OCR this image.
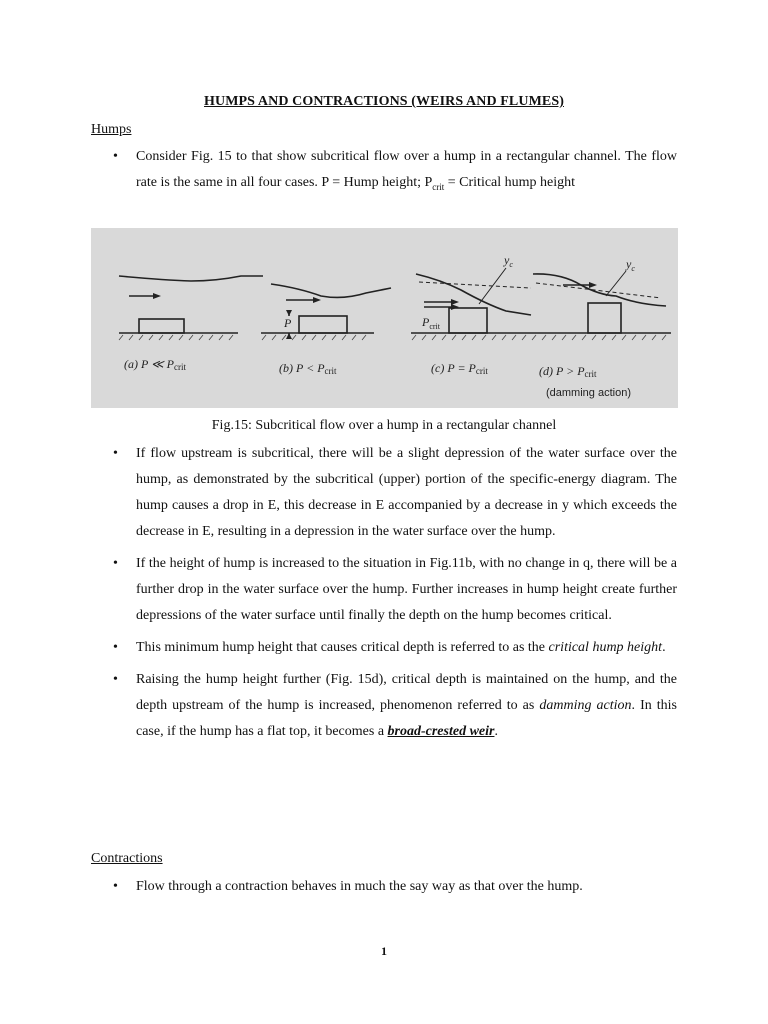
HUMPS AND CONTRACTIONS (WEIRS AND FLUMES)
Humps
• Consider Fig. 15 to that show subcritical flow over a hump in a rectangular channel. The flow rate is the same in all four cases. P = Hump height; $P_{crit}$ = Critical hump height
$y_c$	$y_c$
P	$P_{crit}$
(a) P ≪ Pcrit	(b) P < Pcrit	(c) P = Pcrit	(d) P > Pcrit
(damming action)
Fig.15: Subcritical flow over a hump in a rectangular channel
• If flow upstream is subcritical, there will be a slight depression of the water surface over the hump, as demonstrated by the subcritical (upper) portion of the specific-energy diagram. The hump causes a drop in E, this decrease in E accompanied by a decrease in y which exceeds the decrease in E, resulting in a depression in the water surface over the hump.
• If the height of hump is increased to the situation in Fig.11b, with no change in q, there will be a further drop in the water surface over the hump. Further increases in hump height create further depressions of the water surface until finally the depth on the hump becomes critical.
• This minimum hump height that causes critical depth is referred to as the critical hump height.
• Raising the hump height further (Fig. 15d), critical depth is maintained on the hump, and the depth upstream of the hump is increased, phenomenon referred to as damming action. In this case, if the hump has a flat top, it becomes a broad-crested weir.
Contractions
• Flow through a contraction behaves in much the say way as that over the hump.
1
